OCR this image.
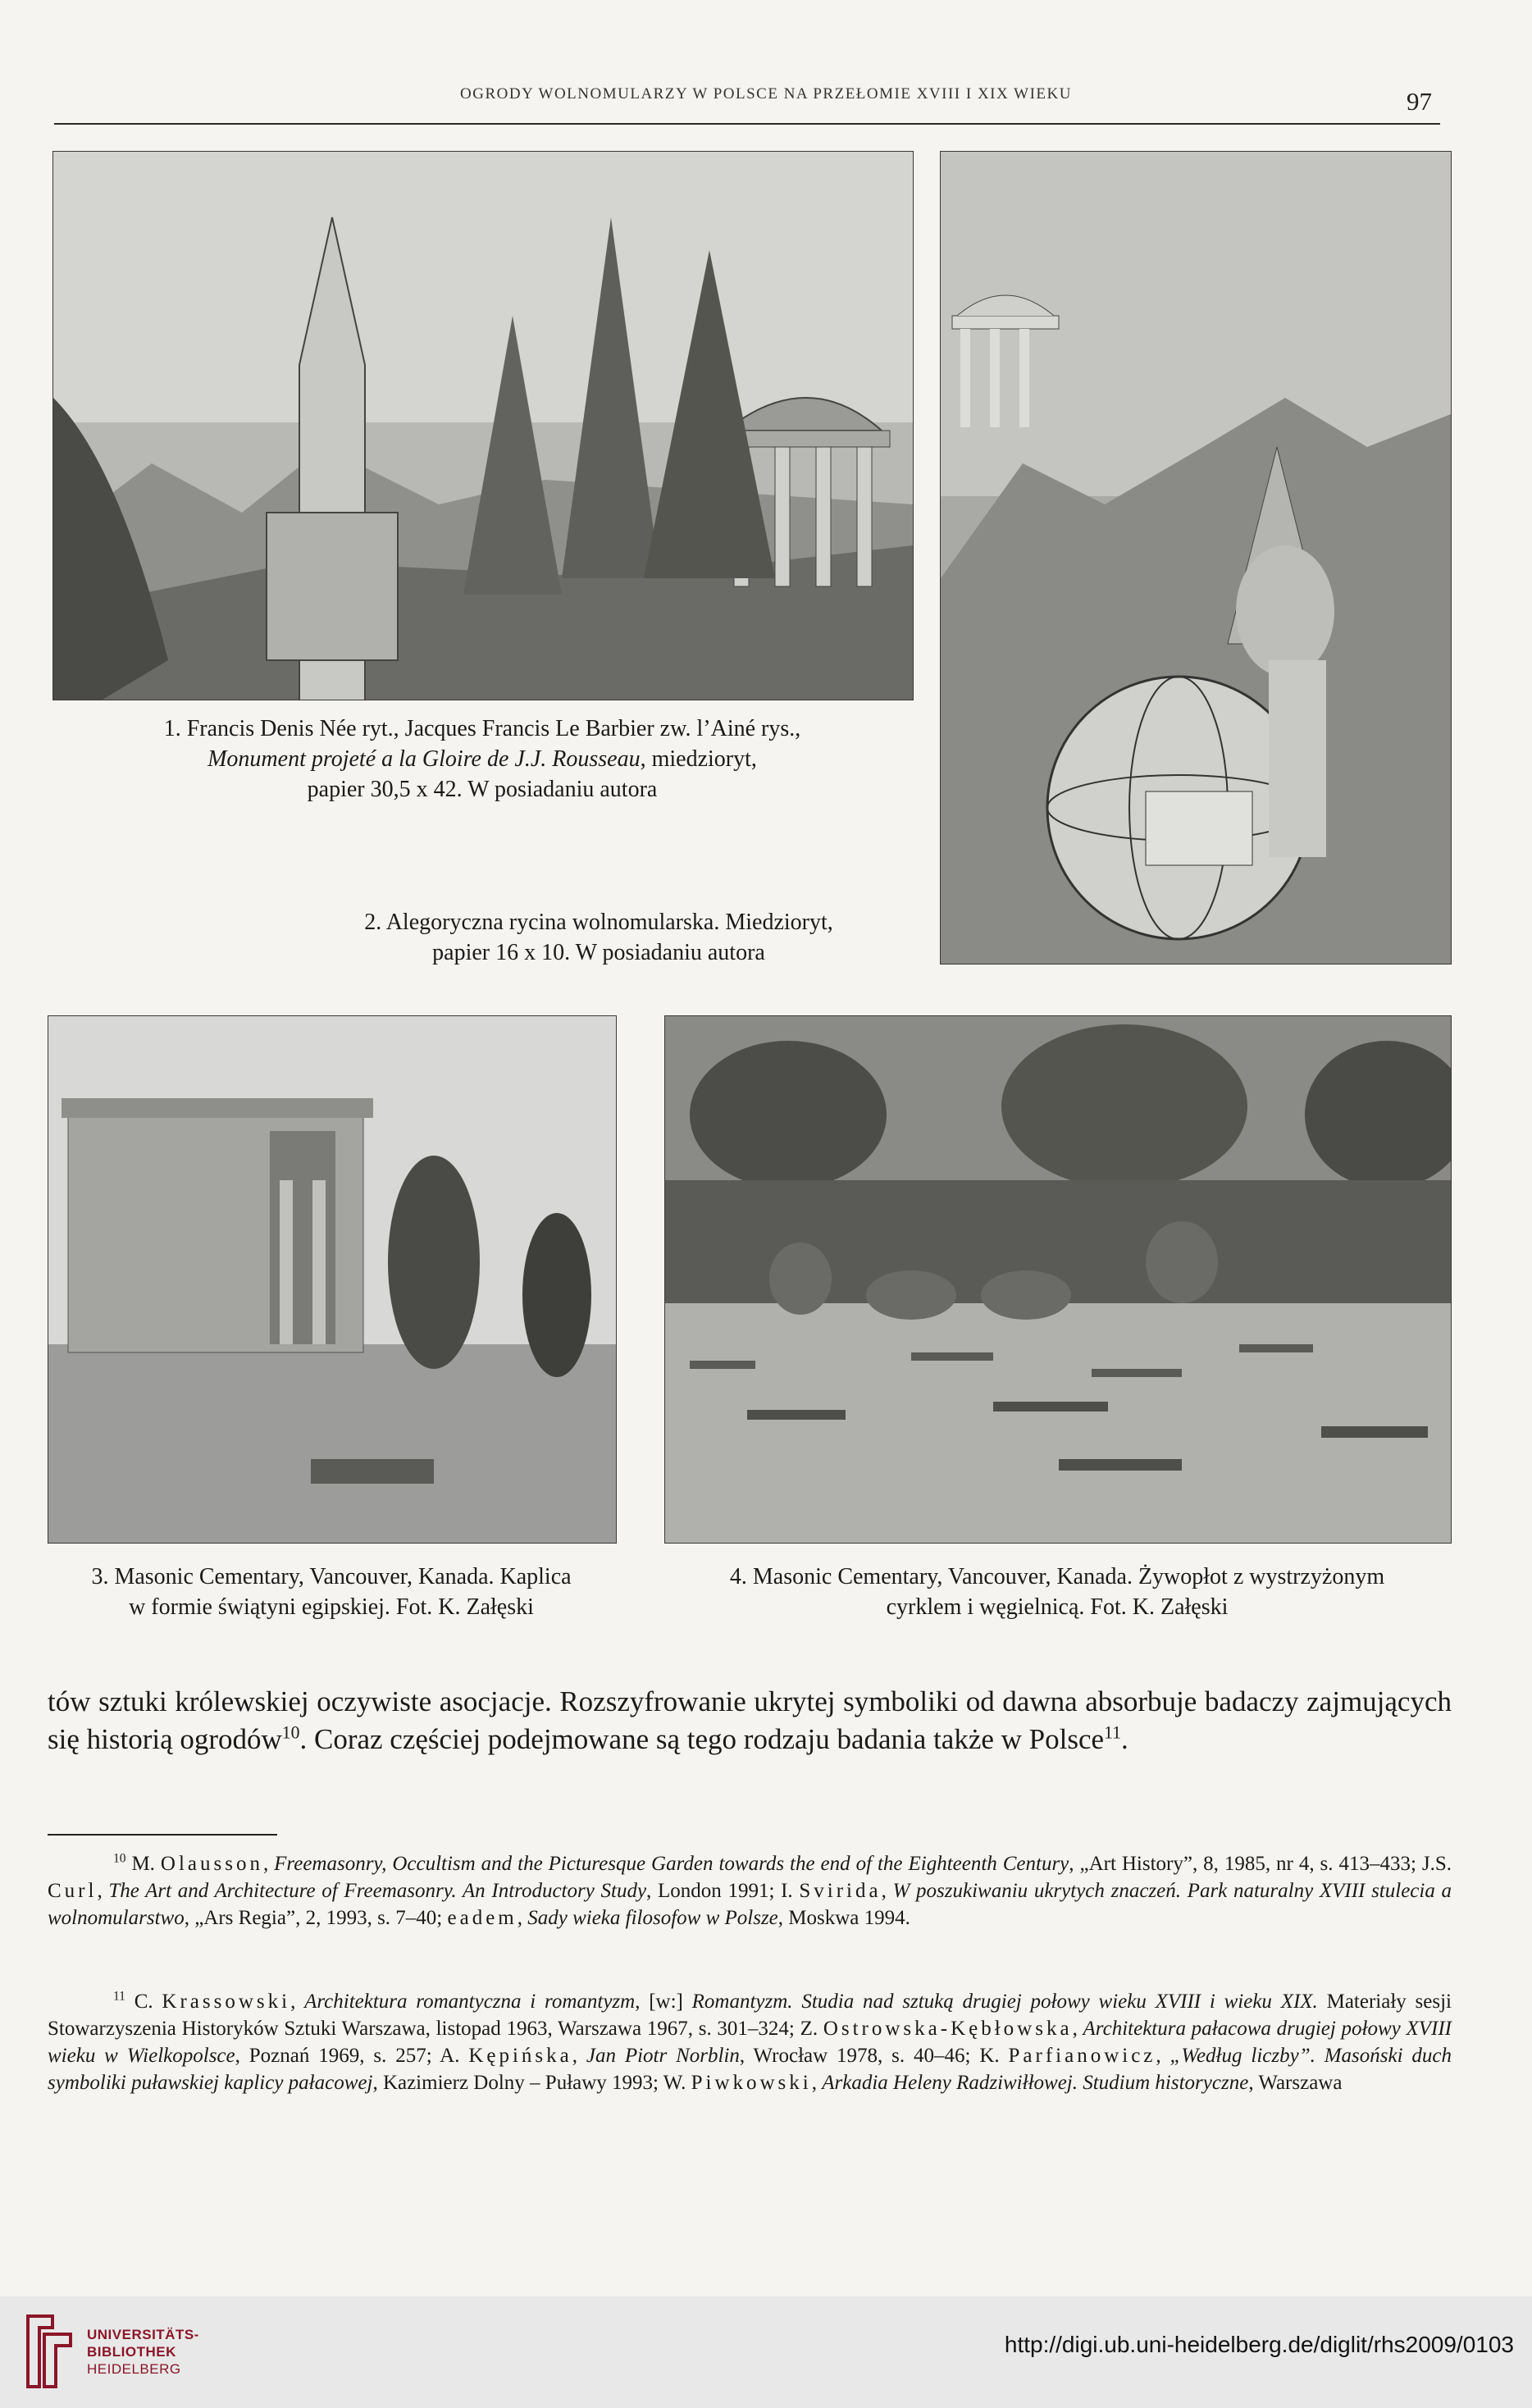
OGRODY WOLNOMULARZY W POLSCE NA PRZEŁOMIE XVIII I XIX WIEKU	97
1. Francis Denis Née ryt., Jacques Francis Le Barbier zw. l’Ainé rys.,
Monument projeté a la Gloire de J.J. Rousseau, miedzioryt,
papier 30,5 x 42. W posiadaniu autora
2. Alegoryczna rycina wolnomularska. Miedzioryt,
papier 16 x 10. W posiadaniu autora
3. Masonic Cementary, Vancouver, Kanada. Kaplica
w formie świątyni egipskiej. Fot. K. Załęski
4. Masonic Cementary, Vancouver, Kanada. Żywopłot z wystrzyżonym
cyrklem i węgielnicą. Fot. K. Załęski
tów sztuki królewskiej oczywiste asocjacje. Rozszyfrowanie ukrytej symboliki od dawna absorbuje badaczy zajmujących się historią ogrodów$^{10}$. Coraz częściej podejmowane są tego rodzaju badania także w Polsce$^{11}$.
$^{10}$ M. Olausson, Freemasonry, Occultism and the Picturesque Garden towards the end of the Eighteenth Century, „Art History”, 8, 1985, nr 4, s. 413–433; J.S. Curl, The Art and Architecture of Freemasonry. An Introductory Study, London 1991; I. Svirida, W poszukiwaniu ukrytych znaczeń. Park naturalny XVIII stulecia a wolnomularstwo, „Ars Regia”, 2, 1993, s. 7–40; eadem, Sady wieka filosofow w Polsze, Moskwa 1994.
$^{11}$ C. Krassowski, Architektura romantyczna i romantyzm, [w:] Romantyzm. Studia nad sztuką drugiej połowy wieku XVIII i wieku XIX. Materiały sesji Stowarzyszenia Historyków Sztuki Warszawa, listopad 1963, Warszawa 1967, s. 301–324; Z. Ostrowska-Kębłowska, Architektura pałacowa drugiej połowy XVIII wieku w Wielkopolsce, Poznań 1969, s. 257; A. Kępińska, Jan Piotr Norblin, Wrocław 1978, s. 40–46; K. Parfianowicz, „Według liczby”. Masoński duch symboliki puławskiej kaplicy pałacowej, Kazimierz Dolny – Puławy 1993; W. Piwkowski, Arkadia Heleny Radziwiłłowej. Studium historyczne, Warszawa
UNIVERSITÄTS-
BIBLIOTHEK
HEIDELBERG
http://digi.ub.uni-heidelberg.de/diglit/rhs2009/0103
